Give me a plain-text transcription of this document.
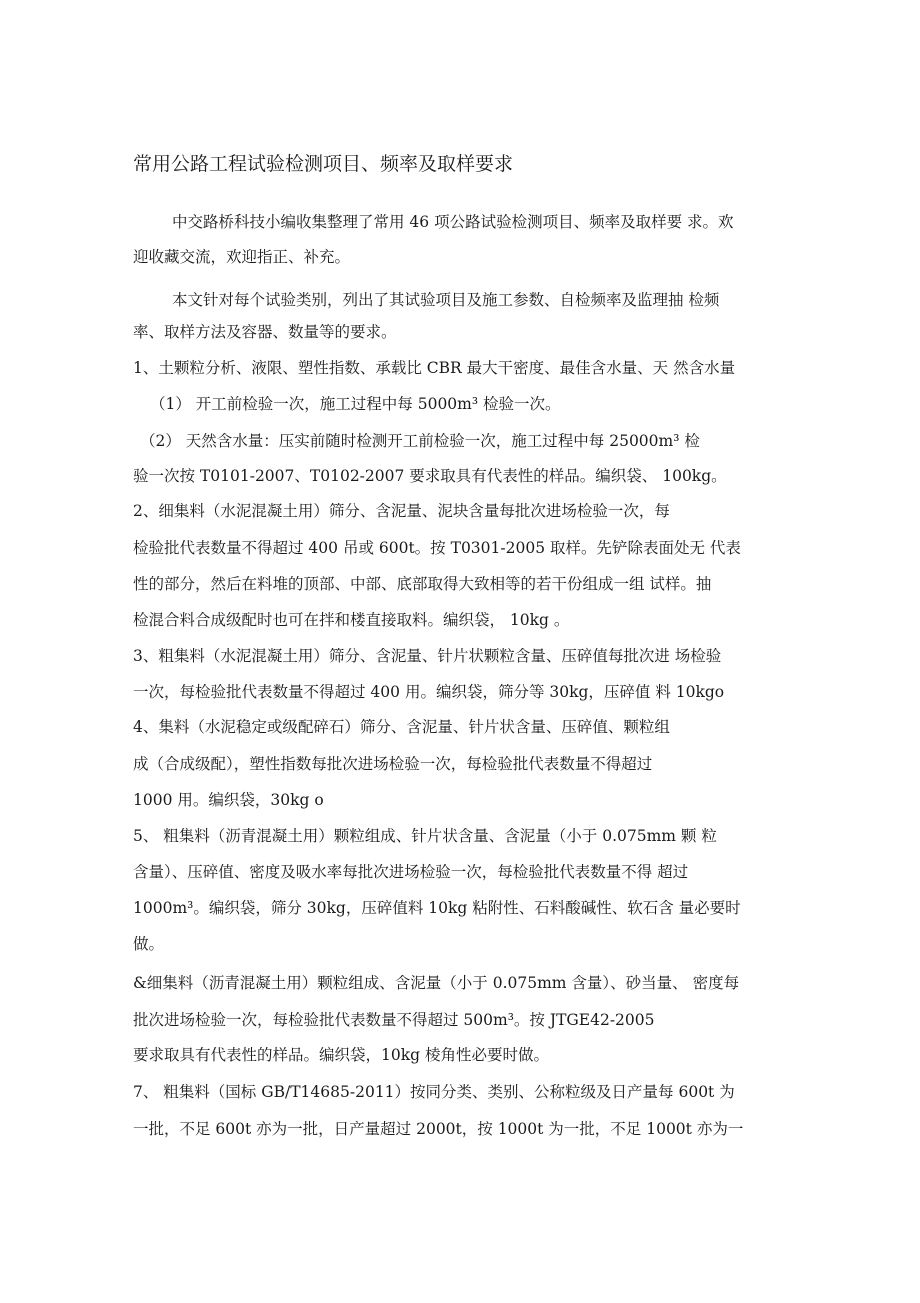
常用公路工程试验检测项目、频率及取样要求
中交路桥科技小编收集整理了常用 46 项公路试验检测项目、频率及取样要 求。欢
迎收藏交流，欢迎指正、补充。
本文针对每个试验类别，列出了其试验项目及施工参数、自检频率及监理抽 检频
率、取样方法及容器、数量等的要求。
1、土颗粒分析、液限、塑性指数、承载比 CBR 最大干密度、最佳含水量、天 然含水量
（1） 开工前检验一次，施工过程中每 5000m³ 检验一次。
（2） 天然含水量：压实前随时检测开工前检验一次，施工过程中每 25000m³ 检
验一次按 T0101-2007、T0102-2007 要求取具有代表性的样品。编织袋、 100kg。
2、细集料（水泥混凝土用）筛分、含泥量、泥块含量每批次进场检验一次，每
检验批代表数量不得超过 400 吊或 600t。按 T0301-2005 取样。先铲除表面处无 代表
性的部分，然后在料堆的顶部、中部、底部取得大致相等的若干份组成一组 试样。抽
检混合料合成级配时也可在拌和楼直接取料。编织袋， 10kg 。
3、粗集料（水泥混凝土用）筛分、含泥量、针片状颗粒含量、压碎值每批次进 场检验
一次，每检验批代表数量不得超过 400 用。编织袋，筛分等 30kg，压碎值 料 10kgo
4、集料（水泥稳定或级配碎石）筛分、含泥量、针片状含量、压碎值、颗粒组
成（合成级配），塑性指数每批次进场检验一次，每检验批代表数量不得超过
1000 用。编织袋，30kg o
5、 粗集料（沥青混凝土用）颗粒组成、针片状含量、含泥量（小于 0.075mm 颗 粒
含量）、压碎值、密度及吸水率每批次进场检验一次，每检验批代表数量不得 超过
1000m³。编织袋，筛分 30kg，压碎值料 10kg 粘附性、石料酸碱性、软石含 量必要时
做。
&细集料（沥青混凝土用）颗粒组成、含泥量（小于 0.075mm 含量）、砂当量、 密度每
批次进场检验一次，每检验批代表数量不得超过 500m³。按 JTGE42-2005
要求取具有代表性的样品。编织袋，10kg 棱角性必要时做。
7、 粗集料（国标 GB/T14685-2011）按同分类、类别、公称粒级及日产量每 600t 为
一批，不足 600t 亦为一批，日产量超过 2000t，按 1000t 为一批，不足 1000t 亦为一
